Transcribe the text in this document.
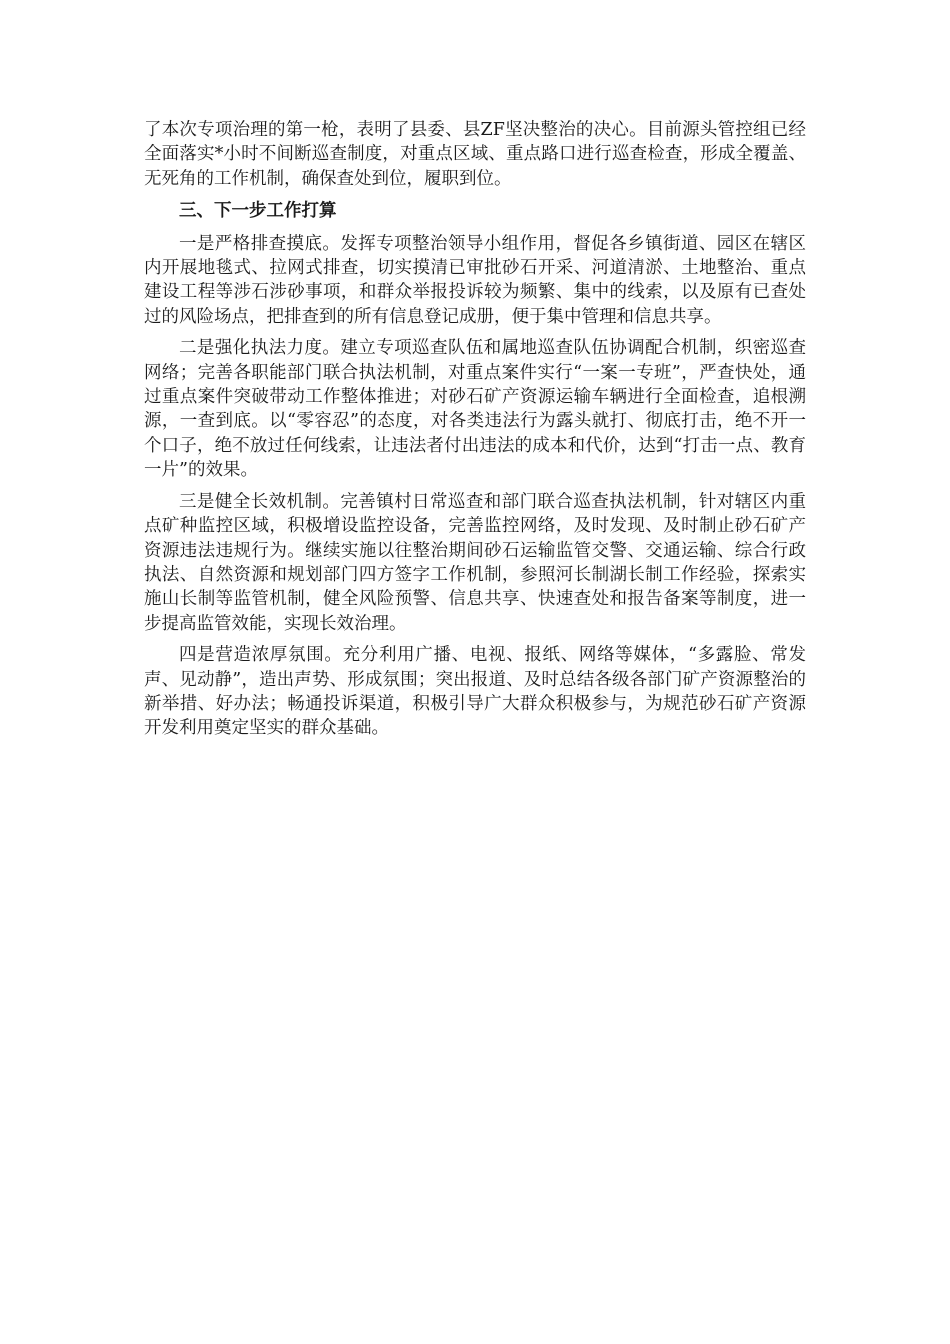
了本次专项治理的第一枪，表明了县委、县ZF坚决整治的决心。目前源头管控组已经全面落实*小时不间断巡查制度，对重点区域、重点路口进行巡查检查，形成全覆盖、无死角的工作机制，确保查处到位，履职到位。

三、下一步工作打算

一是严格排查摸底。发挥专项整治领导小组作用，督促各乡镇街道、园区在辖区内开展地毯式、拉网式排查，切实摸清已审批砂石开采、河道清淤、土地整治、重点建设工程等涉石涉砂事项，和群众举报投诉较为频繁、集中的线索，以及原有已查处过的风险场点，把排查到的所有信息登记成册，便于集中管理和信息共享。

二是强化执法力度。建立专项巡查队伍和属地巡查队伍协调配合机制，织密巡查网络；完善各职能部门联合执法机制，对重点案件实行“一案一专班”，严查快处，通过重点案件突破带动工作整体推进；对砂石矿产资源运输车辆进行全面检查，追根溯源，一查到底。以“零容忍”的态度，对各类违法行为露头就打、彻底打击，绝不开一个口子，绝不放过任何线索，让违法者付出违法的成本和代价，达到“打击一点、教育一片”的效果。

三是健全长效机制。完善镇村日常巡查和部门联合巡查执法机制，针对辖区内重点矿种监控区域，积极增设监控设备，完善监控网络，及时发现、及时制止砂石矿产资源违法违规行为。继续实施以往整治期间砂石运输监管交警、交通运输、综合行政执法、自然资源和规划部门四方签字工作机制，参照河长制湖长制工作经验，探索实施山长制等监管机制，健全风险预警、信息共享、快速查处和报告备案等制度，进一步提高监管效能，实现长效治理。

四是营造浓厚氛围。充分利用广播、电视、报纸、网络等媒体，“多露脸、常发声、见动静”，造出声势、形成氛围；突出报道、及时总结各级各部门矿产资源整治的新举措、好办法；畅通投诉渠道，积极引导广大群众积极参与，为规范砂石矿产资源开发利用奠定坚实的群众基础。
